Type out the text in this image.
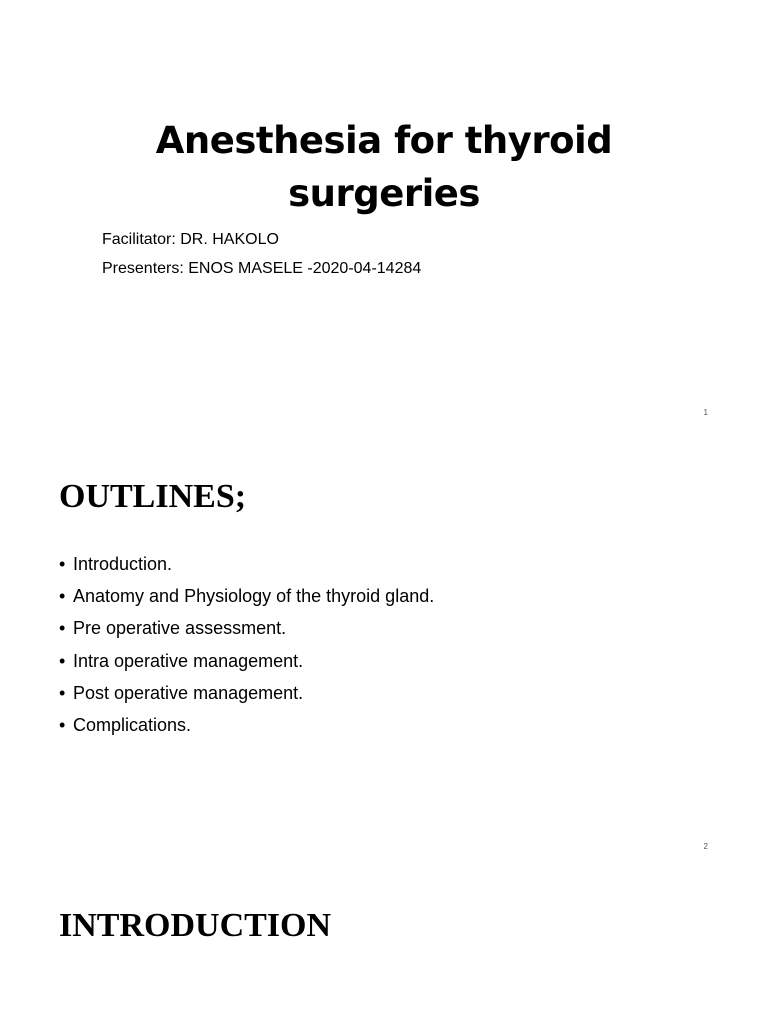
Anesthesia for thyroid
surgeries

Facilitator: DR. HAKOLO

Presenters: ENOS MASELE -2020-04-14284

1
OUTLINES;
• Introduction.
• Anatomy and Physiology of the thyroid gland.
• Pre operative assessment.
• Intra operative management.
• Post operative management.
• Complications.
2
INTRODUCTION
